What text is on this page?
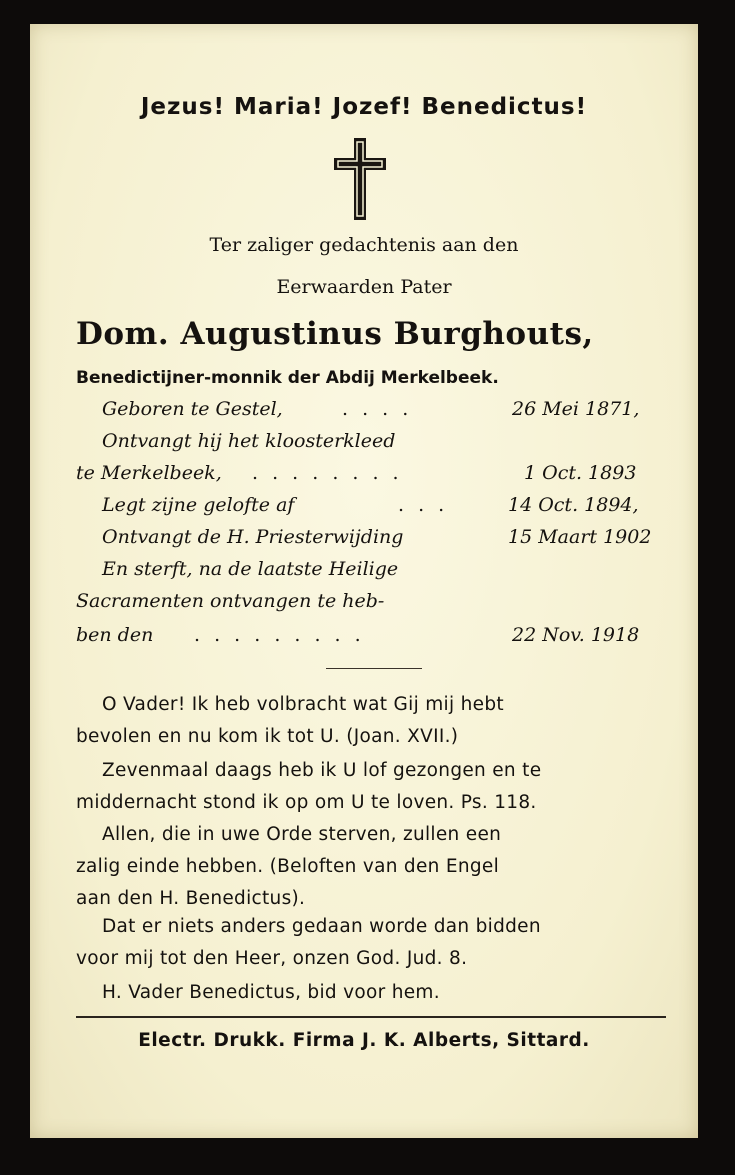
Jezus! Maria! Jozef! Benedictus!
Ter zaliger gedachtenis aan den
Eerwaarden Pater
Dom. Augustinus Burghouts,
Benedictijner-monnik der Abdij Merkelbeek.
Geboren te Gestel,	. . . .	26 Mei 1871,
Ontvangt hij het kloosterkleed
te Merkelbeek, . . . . . . . .	1 Oct. 1893
Legt zijne gelofte af	. . .	14 Oct. 1894,
Ontvangt de H. Priesterwijding	15 Maart 1902
En sterft, na de laatste Heilige
Sacramenten ontvangen te heb-
ben den . . . . . . . . .	22 Nov. 1918
O Vader! Ik heb volbracht wat Gij mij hebt
bevolen en nu kom ik tot U. (Joan. XVII.)
Zevenmaal daags heb ik U lof gezongen en te
middernacht stond ik op om U te loven. Ps. 118.
Allen, die in uwe Orde sterven, zullen een
zalig einde hebben. (Beloften van den Engel
aan den H. Benedictus).
Dat er niets anders gedaan worde dan bidden
voor mij tot den Heer, onzen God. Jud. 8.
H. Vader Benedictus, bid voor hem.
Electr. Drukk. Firma J. K. Alberts, Sittard.
